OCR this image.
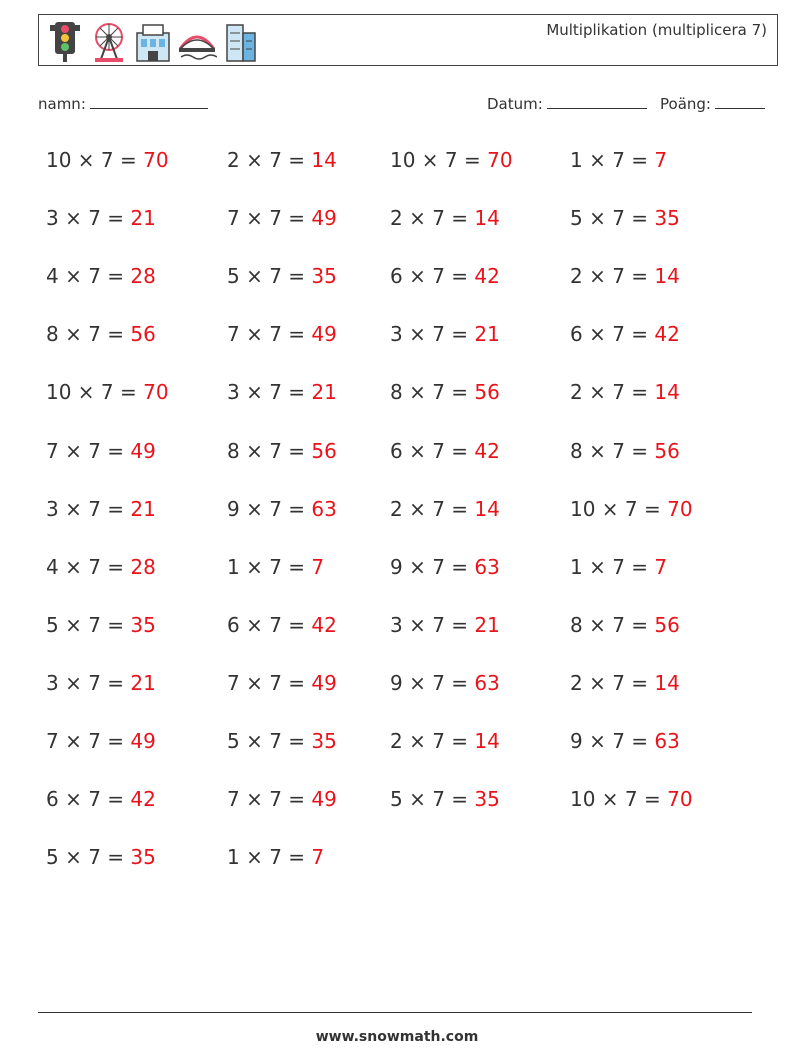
Multiplikation (multiplicera 7)
namn:	Datum:	Poäng:
10 × 7 = 70	2 × 7 = 14	10 × 7 = 70	1 × 7 = 7
3 × 7 = 21	7 × 7 = 49	2 × 7 = 14	5 × 7 = 35
4 × 7 = 28	5 × 7 = 35	6 × 7 = 42	2 × 7 = 14
8 × 7 = 56	7 × 7 = 49	3 × 7 = 21	6 × 7 = 42
10 × 7 = 70	3 × 7 = 21	8 × 7 = 56	2 × 7 = 14
7 × 7 = 49	8 × 7 = 56	6 × 7 = 42	8 × 7 = 56
3 × 7 = 21	9 × 7 = 63	2 × 7 = 14	10 × 7 = 70
4 × 7 = 28	1 × 7 = 7	9 × 7 = 63	1 × 7 = 7
5 × 7 = 35	6 × 7 = 42	3 × 7 = 21	8 × 7 = 56
3 × 7 = 21	7 × 7 = 49	9 × 7 = 63	2 × 7 = 14
7 × 7 = 49	5 × 7 = 35	2 × 7 = 14	9 × 7 = 63
6 × 7 = 42	7 × 7 = 49	5 × 7 = 35	10 × 7 = 70
5 × 7 = 35	1 × 7 = 7
www.snowmath.com
